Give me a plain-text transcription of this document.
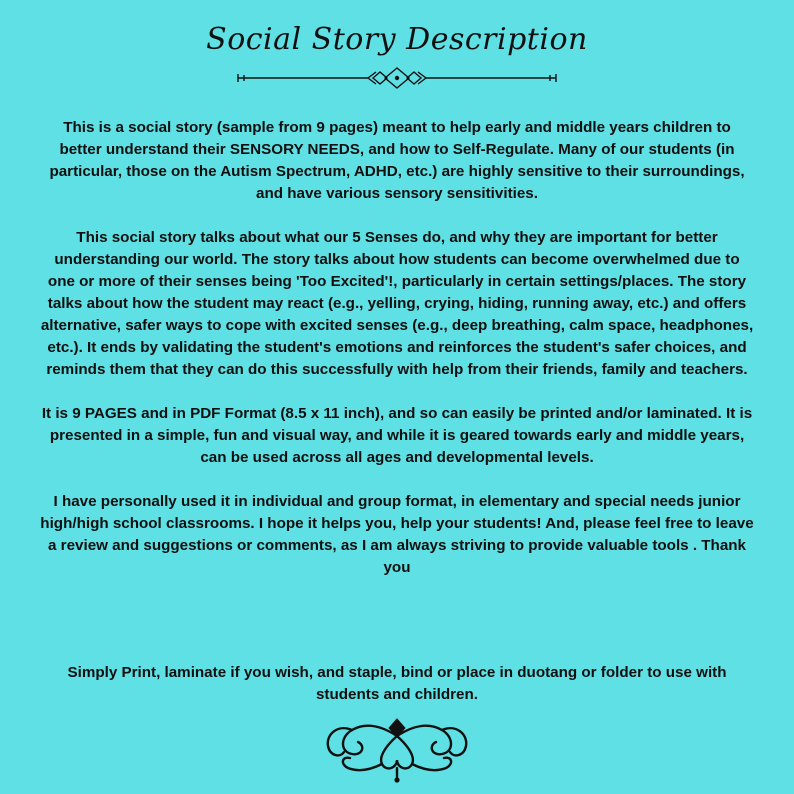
Social Story Description

This is a social story (sample from 9 pages) meant to help early and middle years children to better understand their SENSORY NEEDS, and how to Self-Regulate. Many of our students (in particular, those on the Autism Spectrum, ADHD, etc.) are highly sensitive to their surroundings, and have various sensory sensitivities.

This social story talks about what our 5 Senses do, and why they are important for better understanding our world. The story talks about how students can become overwhelmed due to one or more of their senses being 'Too Excited'!, particularly in certain settings/places. The story talks about how the student may react (e.g., yelling, crying, hiding, running away, etc.) and offers alternative, safer ways to cope with excited senses (e.g., deep breathing, calm space, headphones, etc.). It ends by validating the student's emotions and reinforces the student's safer choices, and reminds them that they can do this successfully with help from their friends, family and teachers.

It is 9 PAGES and in PDF Format (8.5 x 11 inch), and so can easily be printed and/or laminated. It is presented in a simple, fun and visual way, and while it is geared towards early and middle years, can be used across all ages and developmental levels.

I have personally used it in individual and group format, in elementary and special needs junior high/high school classrooms. I hope it helps you, help your students! And, please feel free to leave a review and suggestions or comments, as I am always striving to provide valuable tools . Thank you

Simply Print, laminate if you wish, and staple, bind or place in duotang or folder to use with students and children.
